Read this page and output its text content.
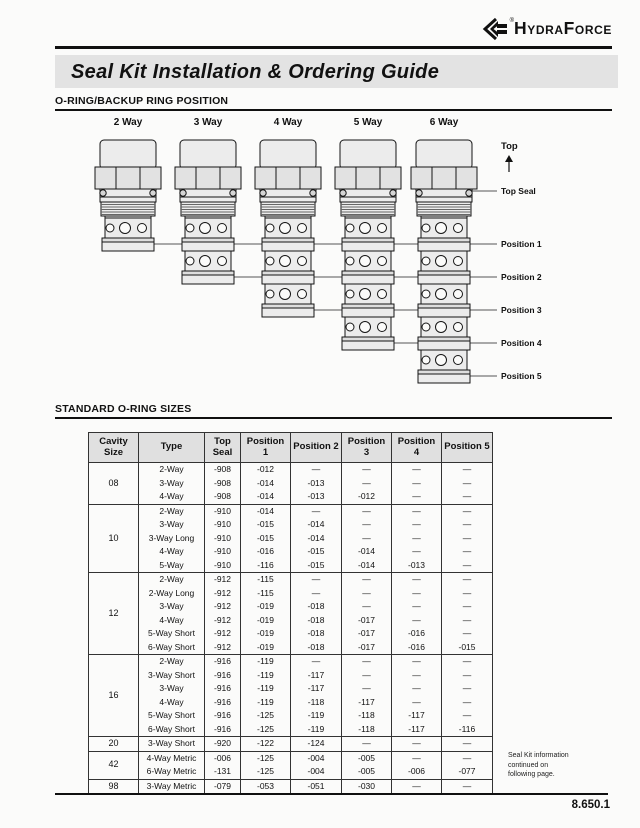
® HydraForce
Seal Kit Installation & Ordering Guide
O-RING/BACKUP RING POSITION
STANDARD O-RING SIZES
Cavity Size	Type	Top Seal	Position 1	Position 2	Position 3	Position 4	Position 5
08	2-Way	-908	-012	—	—	—	—
	3-Way	-908	-014	-013	—	—	—
	4-Way	-908	-014	-013	-012	—	—
10	2-Way	-910	-014	—	—	—	—
	3-Way	-910	-015	-014	—	—	—
	3-Way Long	-910	-015	-014	—	—	—
	4-Way	-910	-016	-015	-014	—	—
	5-Way	-910	-116	-015	-014	-013	—
12	2-Way	-912	-115	—	—	—	—
	2-Way Long	-912	-115	—	—	—	—
	3-Way	-912	-019	-018	—	—	—
	4-Way	-912	-019	-018	-017	—	—
	5-Way Short	-912	-019	-018	-017	-016	—
	6-Way Short	-912	-019	-018	-017	-016	-015
16	2-Way	-916	-119	—	—	—	—
	3-Way Short	-916	-119	-117	—	—	—
	3-Way	-916	-119	-117	—	—	—
	4-Way	-916	-119	-118	-117	—	—
	5-Way Short	-916	-125	-119	-118	-117	—
	6-Way Short	-916	-125	-119	-118	-117	-116
20	3-Way Short	-920	-122	-124	—	—	—
42	4-Way Metric	-006	-125	-004	-005	—	—
	6-Way Metric	-131	-125	-004	-005	-006	-077
98	3-Way Metric	-079	-053	-051	-030	—	—
Seal Kit information
continued on
following page.
8.650.1
2 Way	3 Way	4 Way	5 Way	6 Way
Top
Top Seal
Position 1
Position 2
Position 3
Position 4
Position 5
